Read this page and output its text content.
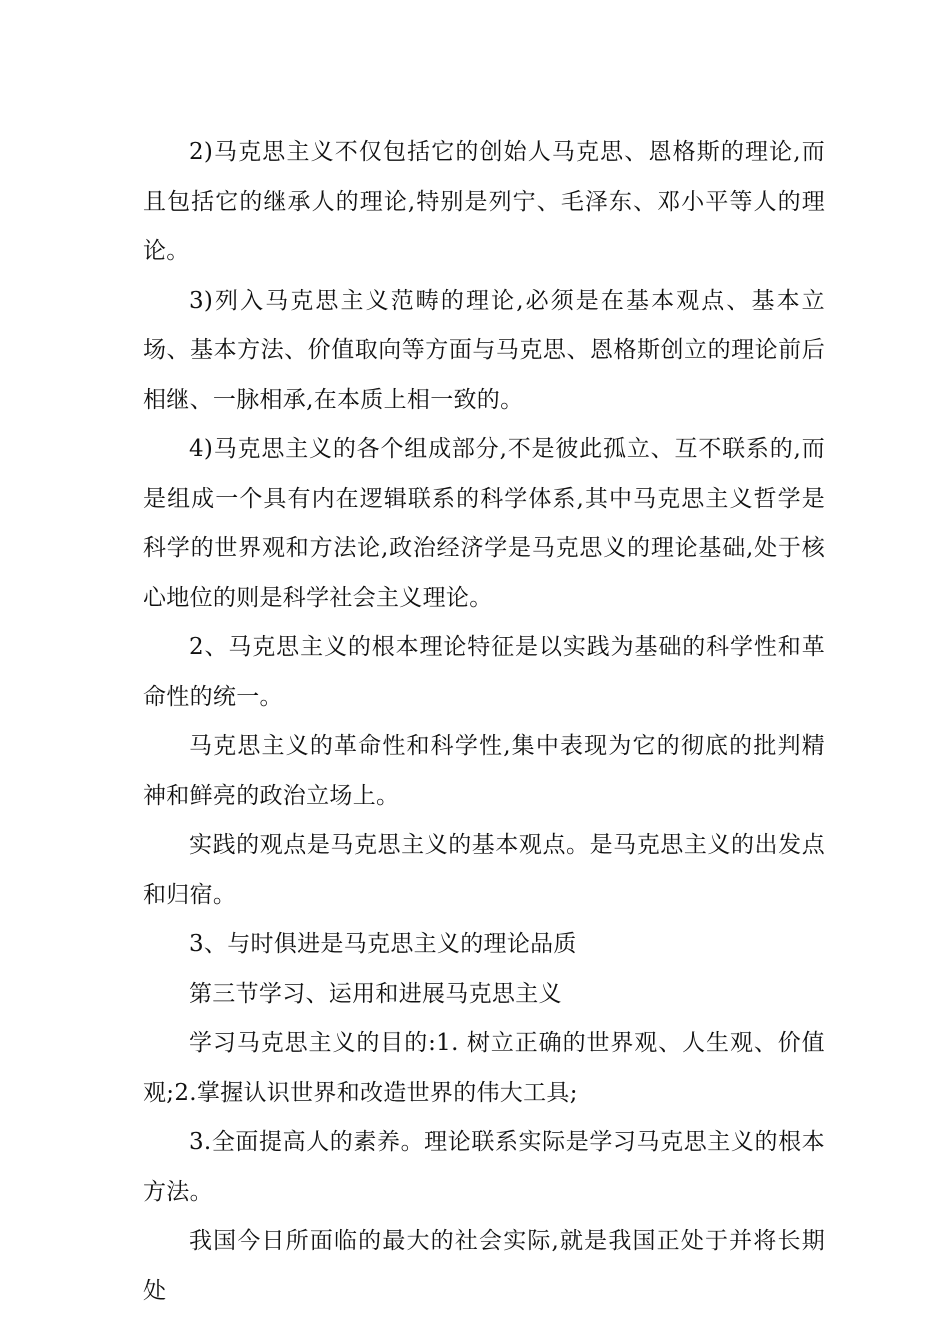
2)马克思主义不仅包括它的创始人马克思、恩格斯的理论,而且包括它的继承人的理论,特别是列宁、毛泽东、邓小平等人的理论。

3)列入马克思主义范畴的理论,必须是在基本观点、基本立场、基本方法、价值取向等方面与马克思、恩格斯创立的理论前后相继、一脉相承,在本质上相一致的。

4)马克思主义的各个组成部分,不是彼此孤立、互不联系的,而是组成一个具有内在逻辑联系的科学体系,其中马克思主义哲学是科学的世界观和方法论,政治经济学是马克思义的理论基础,处于核心地位的则是科学社会主义理论。

2、马克思主义的根本理论特征是以实践为基础的科学性和革命性的统一。

马克思主义的革命性和科学性,集中表现为它的彻底的批判精神和鲜亮的政治立场上。

实践的观点是马克思主义的基本观点。是马克思主义的出发点和归宿。

3、与时俱进是马克思主义的理论品质

第三节学习、运用和进展马克思主义

学习马克思主义的目的:1. 树立正确的世界观、人生观、价值观;2.掌握认识世界和改造世界的伟大工具;

3.全面提高人的素养。理论联系实际是学习马克思主义的根本方法。

我国今日所面临的最大的社会实际,就是我国正处于并将长期处
